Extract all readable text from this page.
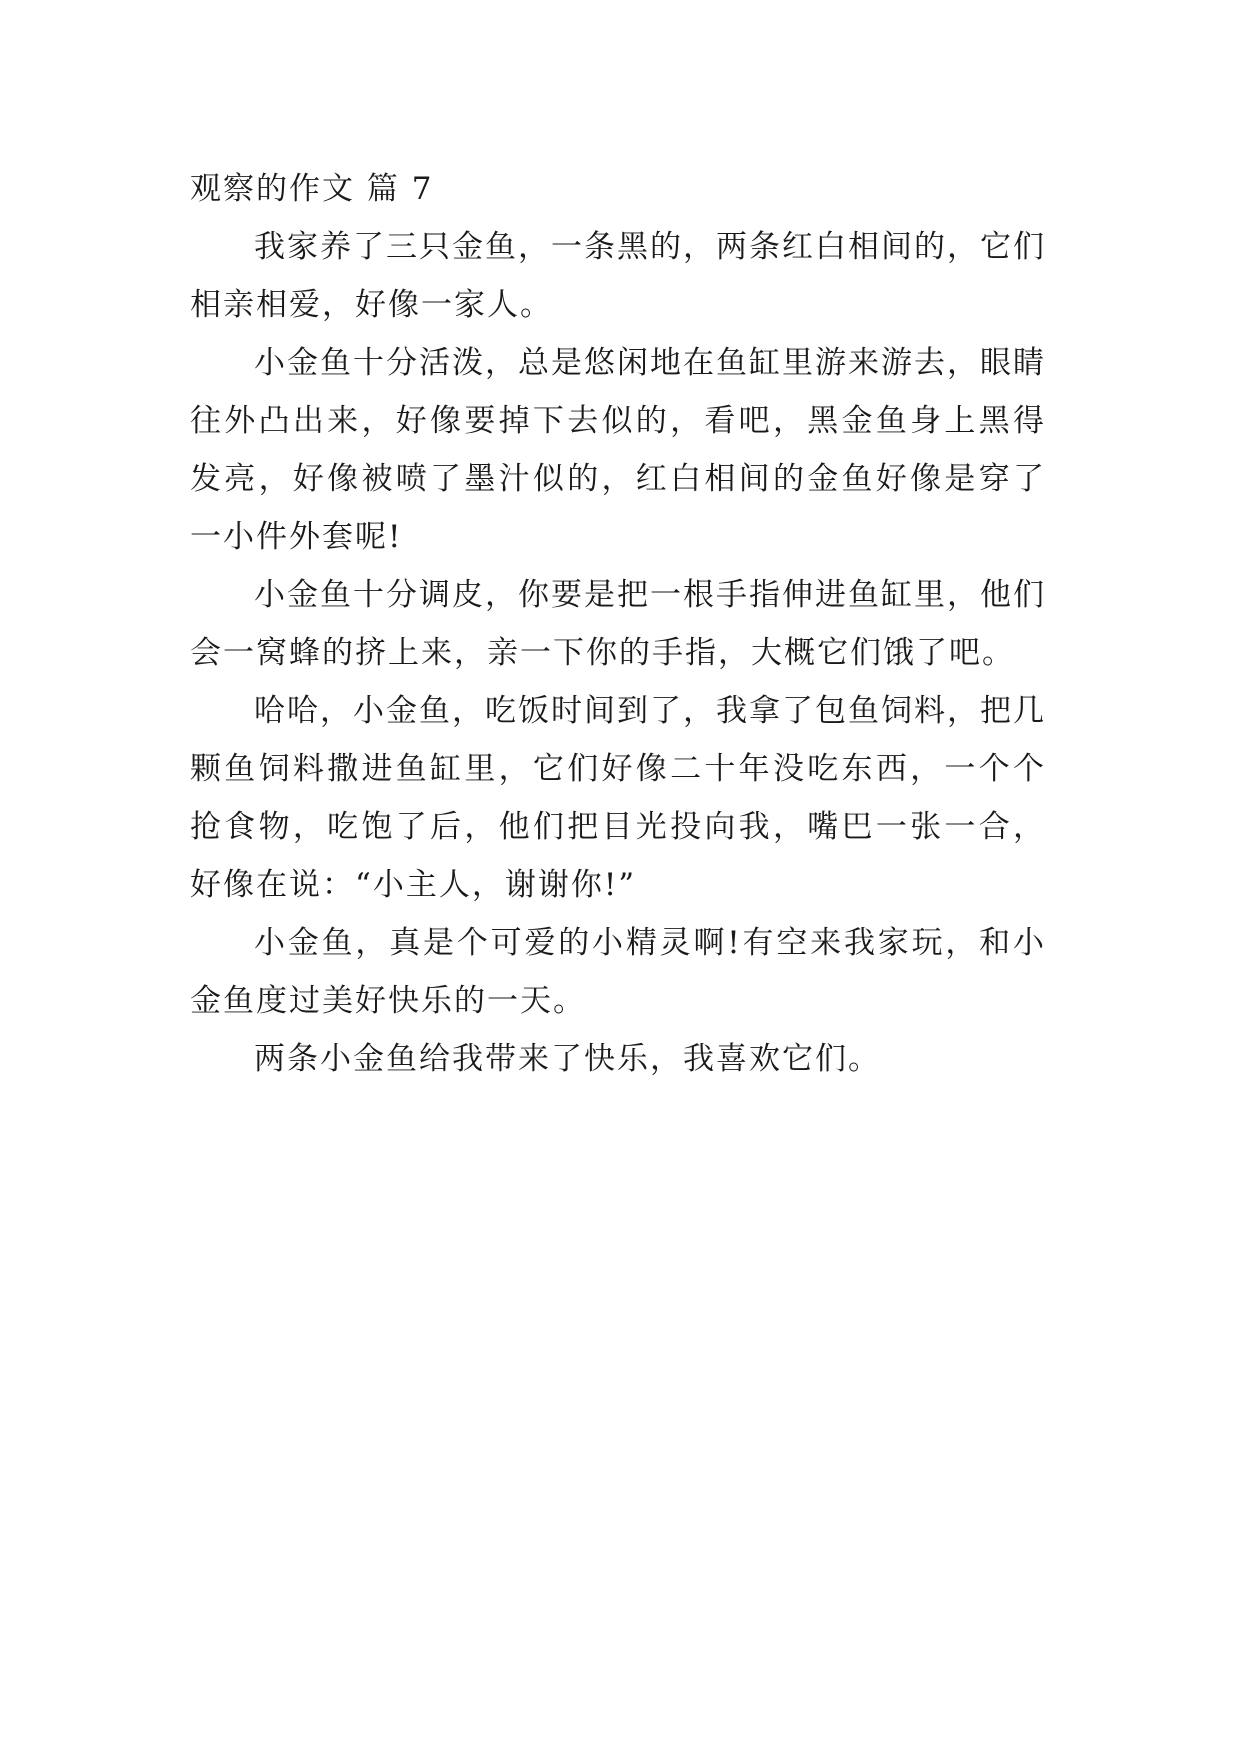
观察的作文 篇 7

我家养了三只金鱼，一条黑的，两条红白相间的，它们相亲相爱，好像一家人。

小金鱼十分活泼，总是悠闲地在鱼缸里游来游去，眼睛往外凸出来，好像要掉下去似的，看吧，黑金鱼身上黑得发亮，好像被喷了墨汁似的，红白相间的金鱼好像是穿了一小件外套呢!

小金鱼十分调皮，你要是把一根手指伸进鱼缸里，他们会一窝蜂的挤上来，亲一下你的手指，大概它们饿了吧。

哈哈，小金鱼，吃饭时间到了，我拿了包鱼饲料，把几颗鱼饲料撒进鱼缸里，它们好像二十年没吃东西，一个个抢食物，吃饱了后，他们把目光投向我，嘴巴一张一合，好像在说：“小主人，谢谢你!”

小金鱼，真是个可爱的小精灵啊!有空来我家玩，和小金鱼度过美好快乐的一天。

两条小金鱼给我带来了快乐，我喜欢它们。
